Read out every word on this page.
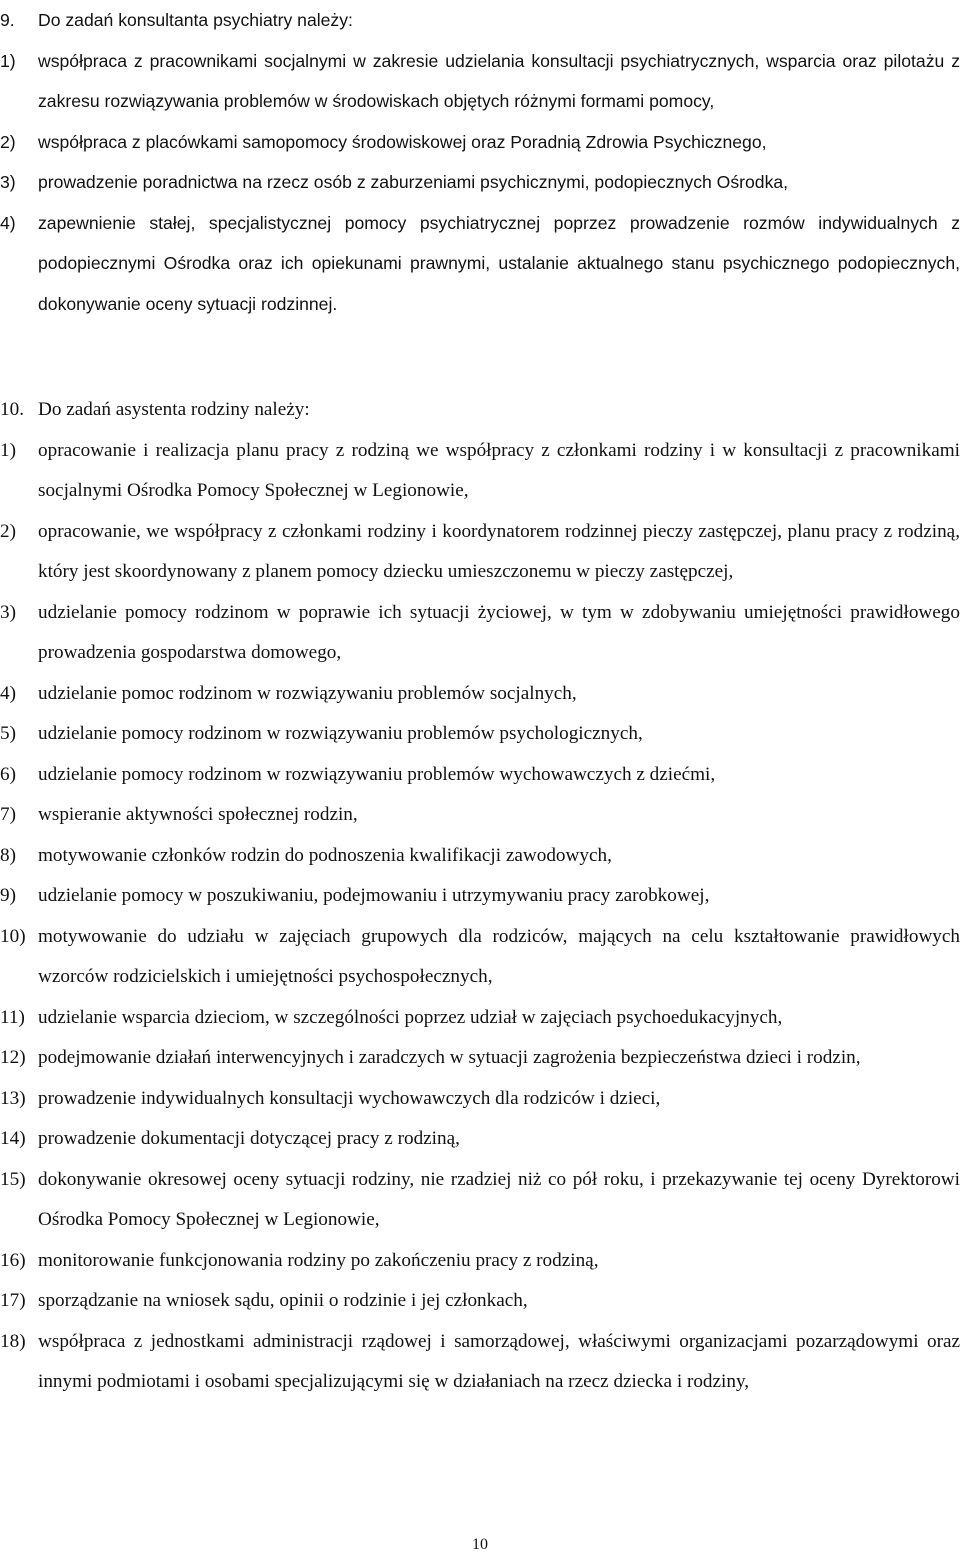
9.	Do zadań konsultanta psychiatry należy:
1)	współpraca z pracownikami socjalnymi w zakresie udzielania konsultacji psychiatrycznych, wsparcia oraz pilotażu z zakresu rozwiązywania problemów w środowiskach objętych różnymi formami pomocy,
2)	współpraca z placówkami samopomocy środowiskowej oraz Poradnią Zdrowia Psychicznego,
3)	prowadzenie poradnictwa na rzecz osób z zaburzeniami psychicznymi, podopiecznych Ośrodka,
4)	zapewnienie stałej, specjalistycznej pomocy psychiatrycznej poprzez prowadzenie rozmów indywidualnych z podopiecznymi Ośrodka oraz ich opiekunami prawnymi, ustalanie aktualnego stanu psychicznego podopiecznych, dokonywanie oceny sytuacji rodzinnej.
10. Do zadań asystenta rodziny należy:
1)	opracowanie i realizacja planu pracy z rodziną we współpracy z członkami rodziny i w konsultacji z pracownikami socjalnymi Ośrodka Pomocy Społecznej w Legionowie,
2)	opracowanie, we współpracy z członkami rodziny i koordynatorem rodzinnej pieczy zastępczej, planu pracy z rodziną, który jest skoordynowany z planem pomocy dziecku umieszczonemu w pieczy zastępczej,
3)	udzielanie pomocy rodzinom w poprawie ich sytuacji życiowej, w tym w zdobywaniu umiejętności prawidłowego prowadzenia gospodarstwa domowego,
4)	udzielanie pomoc rodzinom w rozwiązywaniu problemów socjalnych,
5)	udzielanie pomocy rodzinom w rozwiązywaniu problemów psychologicznych,
6)	udzielanie pomocy rodzinom w rozwiązywaniu problemów wychowawczych z dziećmi,
7)	wspieranie aktywności społecznej rodzin,
8)	motywowanie członków rodzin do podnoszenia kwalifikacji zawodowych,
9)	udzielanie pomocy w poszukiwaniu, podejmowaniu i utrzymywaniu pracy zarobkowej,
10) motywowanie do udziału w zajęciach grupowych dla rodziców, mających na celu kształtowanie prawidłowych wzorców rodzicielskich i umiejętności psychospołecznych,
11) udzielanie wsparcia dzieciom, w szczególności poprzez udział w zajęciach psychoedukacyjnych,
12) podejmowanie działań interwencyjnych i zaradczych w sytuacji zagrożenia bezpieczeństwa dzieci i rodzin,
13) prowadzenie indywidualnych konsultacji wychowawczych dla rodziców i dzieci,
14) prowadzenie dokumentacji dotyczącej pracy z rodziną,
15) dokonywanie okresowej oceny sytuacji rodziny, nie rzadziej niż co pół roku, i przekazywanie tej oceny Dyrektorowi Ośrodka Pomocy Społecznej w Legionowie,
16) monitorowanie funkcjonowania rodziny po zakończeniu pracy z rodziną,
17) sporządzanie na wniosek sądu, opinii o rodzinie i jej członkach,
18) współpraca z jednostkami administracji rządowej i samorządowej, właściwymi organizacjami pozarządowymi oraz innymi podmiotami i osobami specjalizującymi się w działaniach na rzecz dziecka i rodziny,
10
